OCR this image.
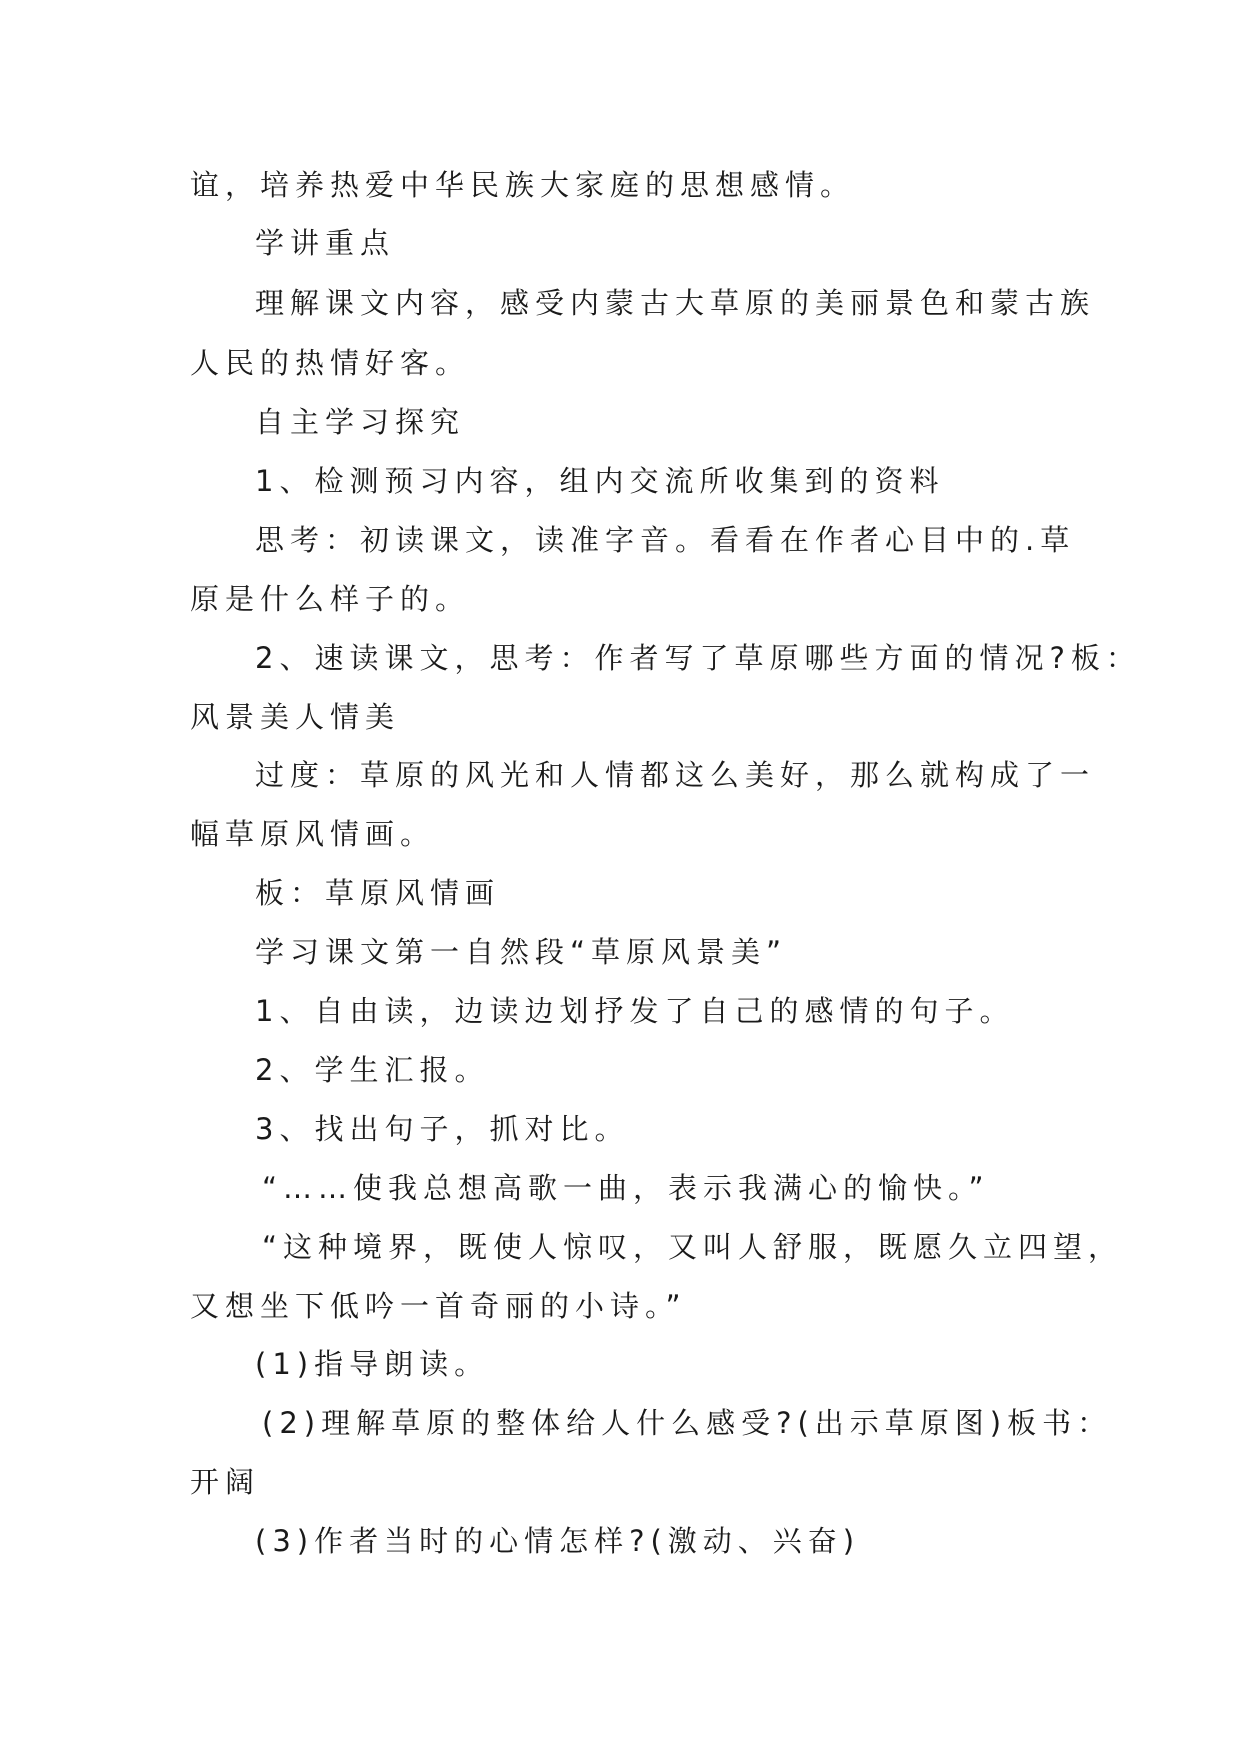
谊，培养热爱中华民族大家庭的思想感情。

学讲重点

理解课文内容，感受内蒙古大草原的美丽景色和蒙古族

人民的热情好客。

自主学习探究

1、检测预习内容，组内交流所收集到的资料

思考：初读课文，读准字音。看看在作者心目中的.草

原是什么样子的。

2、速读课文，思考：作者写了草原哪些方面的情况?板：

风景美人情美

过度：草原的风光和人情都这么美好，那么就构成了一

幅草原风情画。

板：草原风情画

学习课文第一自然段“草原风景美”

1、自由读，边读边划抒发了自己的感情的句子。

2、学生汇报。

3、找出句子，抓对比。

“……使我总想高歌一曲，表示我满心的愉快。”

“这种境界，既使人惊叹，又叫人舒服，既愿久立四望，

又想坐下低吟一首奇丽的小诗。”

(1)指导朗读。

(2)理解草原的整体给人什么感受?(出示草原图)板书：

开阔

(3)作者当时的心情怎样?(激动、兴奋)
